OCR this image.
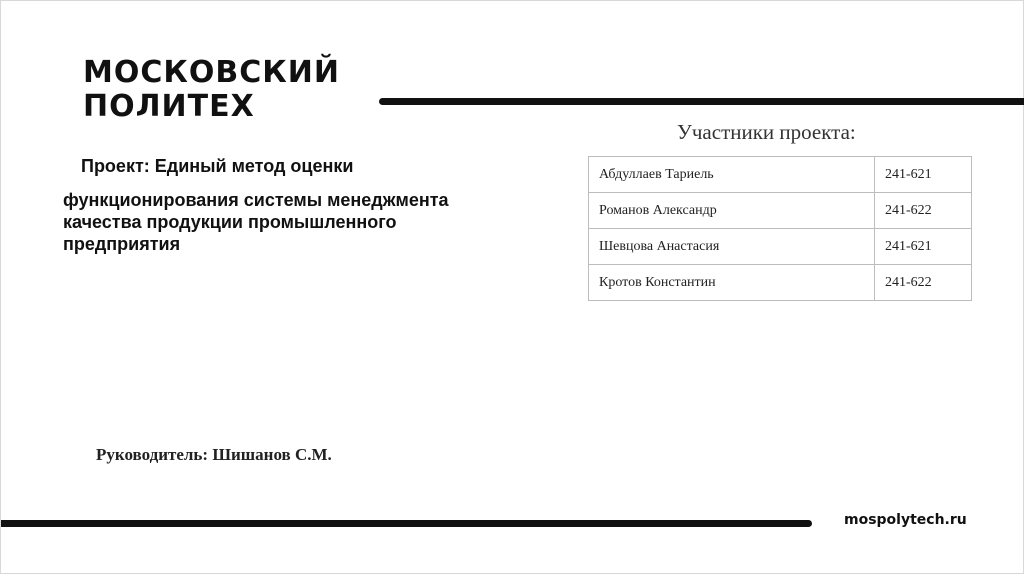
МОСКОВСКИЙ
ПОЛИТЕХ
Проект: Единый метод оценки
функционирования системы менеджмента качества продукции промышленного предприятия
Участники проекта:
Абдуллаев Тариель	241-621
Романов Александр	241-622
Шевцова Анастасия	241-621
Кротов Константин	241-622
Руководитель: Шишанов С.М.
mospolytech.ru
